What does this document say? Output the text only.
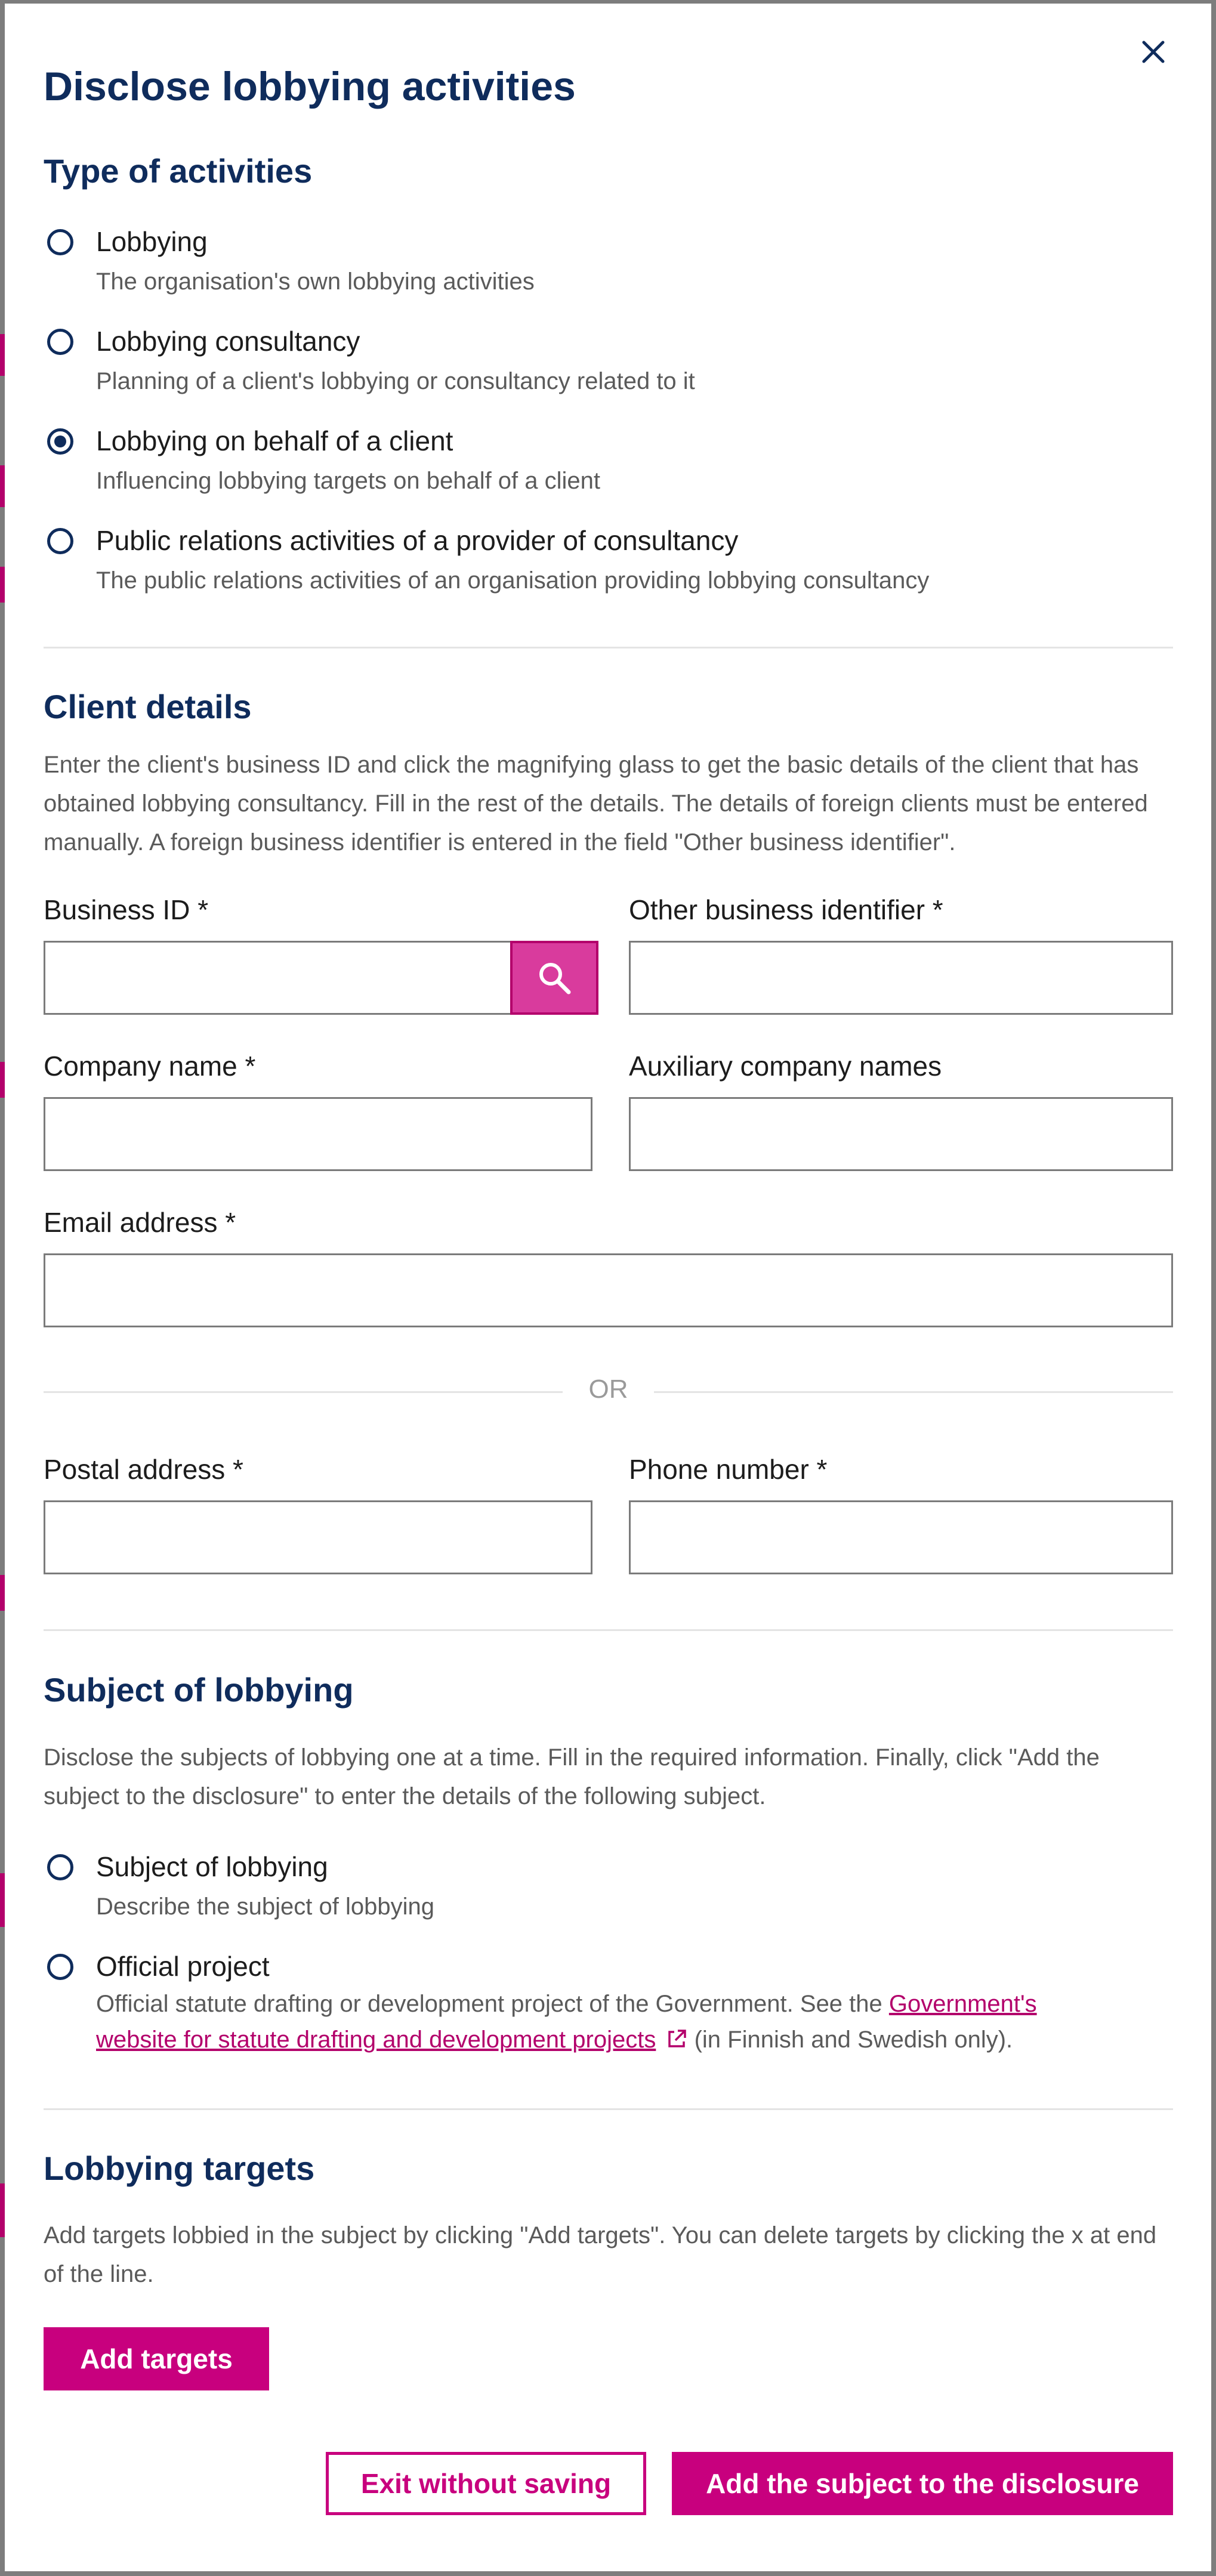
Disclose lobbying activities
Type of activities
Lobbying
The organisation's own lobbying activities
Lobbying consultancy
Planning of a client's lobbying or consultancy related to it
Lobbying on behalf of a client
Influencing lobbying targets on behalf of a client
Public relations activities of a provider of consultancy
The public relations activities of an organisation providing lobbying consultancy
Client details

Enter the client's business ID and click the magnifying glass to get the basic details of the client that has obtained lobbying consultancy. Fill in the rest of the details. The details of foreign clients must be entered manually. A foreign business identifier is entered in the field "Other business identifier".

Business ID *	Other business identifier *
Company name *	Auxiliary company names
Email address *
OR
Postal address *	Phone number *
Subject of lobbying

Disclose the subjects of lobbying one at a time. Fill in the required information. Finally, click "Add the subject to the disclosure" to enter the details of the following subject.

Subject of lobbying
Describe the subject of lobbying
Official project
Official statute drafting or development project of the Government. See the Government's website for statute drafting and development projects  (in Finnish and Swedish only).
Lobbying targets

Add targets lobbied in the subject by clicking "Add targets". You can delete targets by clicking the x at end of the line.

Add targets
Exit without saving	Add the subject to the disclosure
